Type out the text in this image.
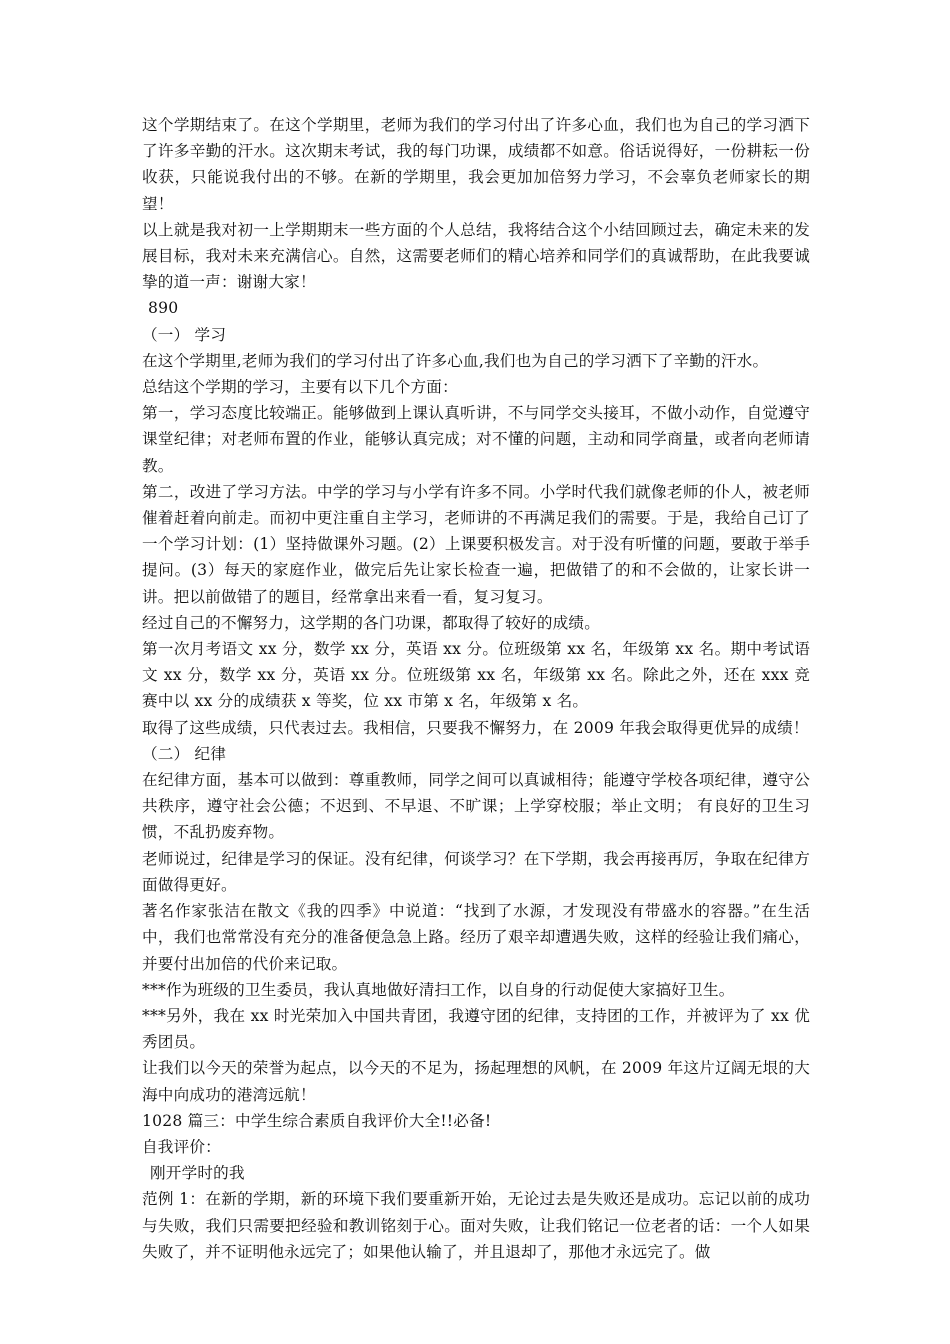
这个学期结束了。在这个学期里，老师为我们的学习付出了许多心血，我们也为自己的学习洒下了许多辛勤的汗水。这次期末考试，我的每门功课，成绩都不如意。俗话说得好，一份耕耘一份收获，只能说我付出的不够。在新的学期里，我会更加加倍努力学习，不会辜负老师家长的期望！

以上就是我对初一上学期期末一些方面的个人总结，我将结合这个小结回顾过去，确定未来的发展目标，我对未来充满信心。自然，这需要老师们的精心培养和同学们的真诚帮助，在此我要诚挚的道一声：谢谢大家！

890

（一） 学习

在这个学期里,老师为我们的学习付出了许多心血,我们也为自己的学习洒下了辛勤的汗水。

总结这个学期的学习，主要有以下几个方面：

第一，学习态度比较端正。能够做到上课认真听讲，不与同学交头接耳，不做小动作，自觉遵守课堂纪律；对老师布置的作业，能够认真完成；对不懂的问题，主动和同学商量，或者向老师请教。

第二，改进了学习方法。中学的学习与小学有许多不同。小学时代我们就像老师的仆人，被老师催着赶着向前走。而初中更注重自主学习，老师讲的不再满足我们的需要。于是，我给自己订了一个学习计划：(1）坚持做课外习题。(2）上课要积极发言。对于没有听懂的问题，要敢于举手提问。(3）每天的家庭作业，做完后先让家长检查一遍，把做错了的和不会做的，让家长讲一讲。把以前做错了的题目，经常拿出来看一看，复习复习。

经过自己的不懈努力，这学期的各门功课，都取得了较好的成绩。

第一次月考语文 xx 分，数学 xx 分，英语 xx 分。位班级第 xx 名，年级第 xx 名。期中考试语文 xx 分，数学 xx 分，英语 xx 分。位班级第 xx 名，年级第 xx 名。除此之外，还在 xxx 竞赛中以 xx 分的成绩获 x 等奖，位 xx 市第 x 名，年级第 x 名。

取得了这些成绩，只代表过去。我相信，只要我不懈努力，在 2009 年我会取得更优异的成绩！

（二） 纪律

在纪律方面，基本可以做到：尊重教师，同学之间可以真诚相待；能遵守学校各项纪律，遵守公共秩序，遵守社会公德；不迟到、不早退、不旷课；上学穿校服；举止文明； 有良好的卫生习惯，不乱扔废弃物。

老师说过，纪律是学习的保证。没有纪律，何谈学习？在下学期，我会再接再厉，争取在纪律方面做得更好。

著名作家张洁在散文《我的四季》中说道：“找到了水源，才发现没有带盛水的容器。”在生活中，我们也常常没有充分的准备便急急上路。经历了艰辛却遭遇失败，这样的经验让我们痛心，并要付出加倍的代价来记取。

***作为班级的卫生委员，我认真地做好清扫工作，以自身的行动促使大家搞好卫生。

***另外，我在 xx 时光荣加入中国共青团，我遵守团的纪律，支持团的工作，并被评为了 xx 优秀团员。

让我们以今天的荣誉为起点，以今天的不足为，扬起理想的风帆，在 2009 年这片辽阔无垠的大海中向成功的港湾远航！

1028 篇三：中学生综合素质自我评价大全!!必备!

自我评价：

刚开学时的我

范例 1：在新的学期，新的环境下我们要重新开始，无论过去是失败还是成功。忘记以前的成功与失败，我们只需要把经验和教训铭刻于心。面对失败，让我们铭记一位老者的话：一个人如果失败了，并不证明他永远完了；如果他认输了，并且退却了，那他才永远完了。做
